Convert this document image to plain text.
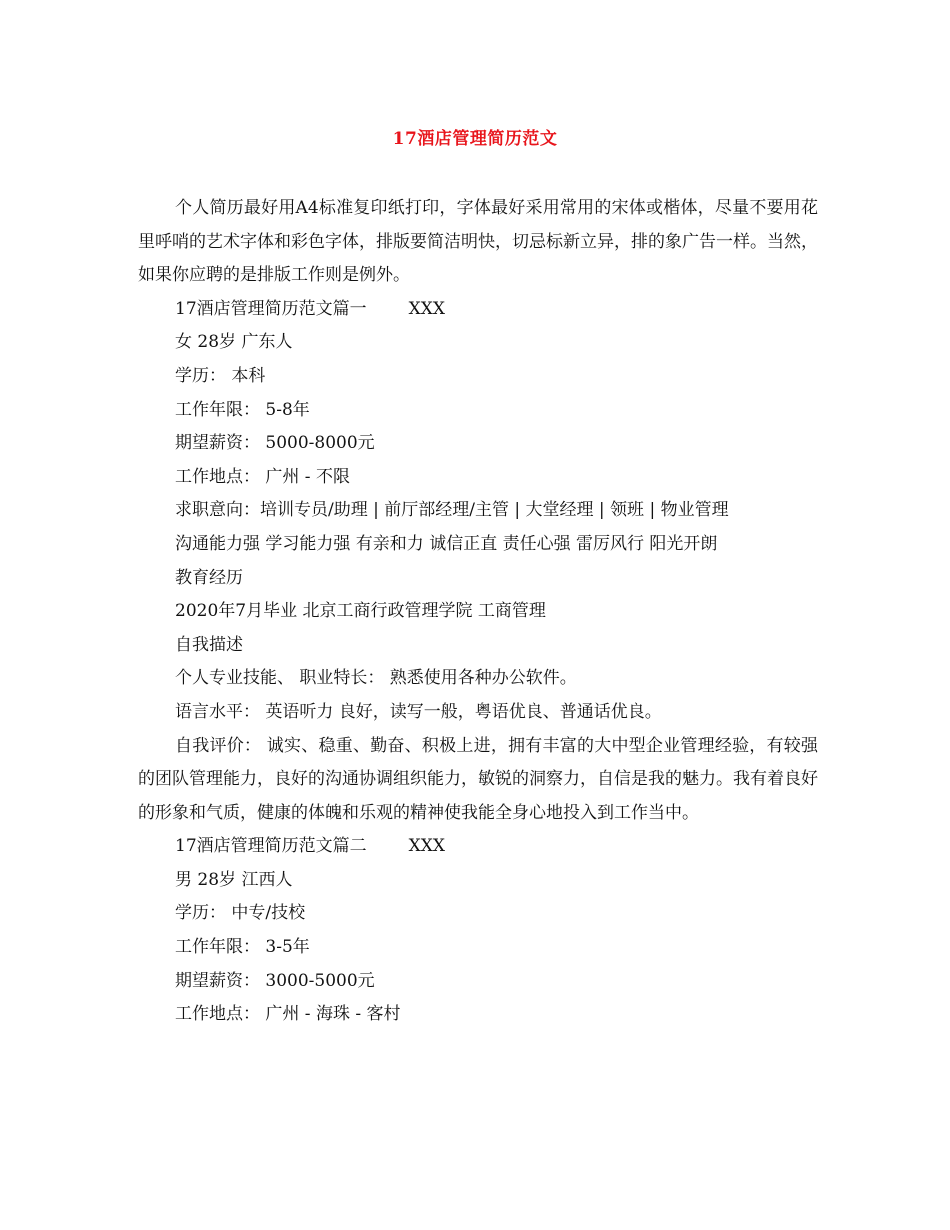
17酒店管理简历范文

个人简历最好用A4标准复印纸打印，字体最好采用常用的宋体或楷体，尽量不要用花里呼哨的艺术字体和彩色字体，排版要简洁明快，切忌标新立异，排的象广告一样。当然，如果你应聘的是排版工作则是例外。

17酒店管理简历范文篇一 XXX

女 28岁 广东人

学历： 本科

工作年限： 5-8年

期望薪资： 5000-8000元

工作地点： 广州 - 不限

求职意向：培训专员/助理 | 前厅部经理/主管 | 大堂经理 | 领班 | 物业管理

沟通能力强 学习能力强 有亲和力 诚信正直 责任心强 雷厉风行 阳光开朗

教育经历

2020年7月毕业 北京工商行政管理学院 工商管理

自我描述

个人专业技能、 职业特长： 熟悉使用各种办公软件。

语言水平： 英语听力 良好，读写一般，粤语优良、普通话优良。

自我评价： 诚实、稳重、勤奋、积极上进，拥有丰富的大中型企业管理经验，有较强的团队管理能力，良好的沟通协调组织能力，敏锐的洞察力，自信是我的魅力。我有着良好的形象和气质，健康的体魄和乐观的精神使我能全身心地投入到工作当中。

17酒店管理简历范文篇二 XXX

男 28岁 江西人

学历： 中专/技校

工作年限： 3-5年

期望薪资： 3000-5000元

工作地点： 广州 - 海珠 - 客村
